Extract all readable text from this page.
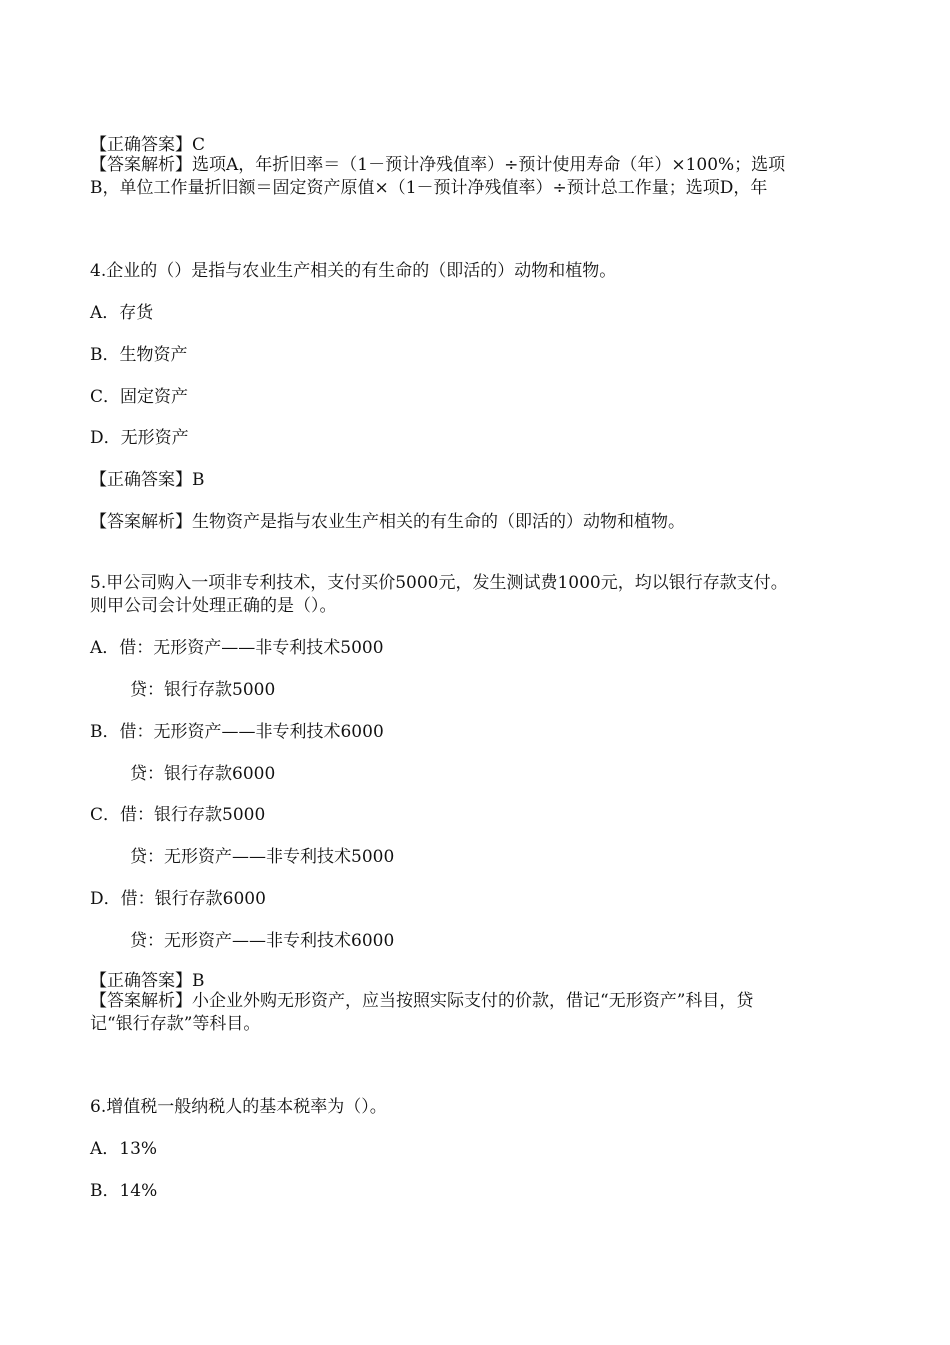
【正确答案】C
【答案解析】选项A，年折旧率＝（1－预计净残值率）÷预计使用寿命（年）×100%；选项
B，单位工作量折旧额＝固定资产原值×（1－预计净残值率）÷预计总工作量；选项D，年
4.企业的（）是指与农业生产相关的有生命的（即活的）动物和植物。
A．存货
B．生物资产
C．固定资产
D．无形资产
【正确答案】B
【答案解析】生物资产是指与农业生产相关的有生命的（即活的）动物和植物。
5.甲公司购入一项非专利技术，支付买价5000元，发生测试费1000元，均以银行存款支付。
则甲公司会计处理正确的是（）。
A．借：无形资产——非专利技术5000
贷：银行存款5000
B．借：无形资产——非专利技术6000
贷：银行存款6000
C．借：银行存款5000
贷：无形资产——非专利技术5000
D．借：银行存款6000
贷：无形资产——非专利技术6000
【正确答案】B
【答案解析】小企业外购无形资产，应当按照实际支付的价款，借记“无形资产”科目，贷
记“银行存款”等科目。
6.增值税一般纳税人的基本税率为（）。
A．13%
B．14%
